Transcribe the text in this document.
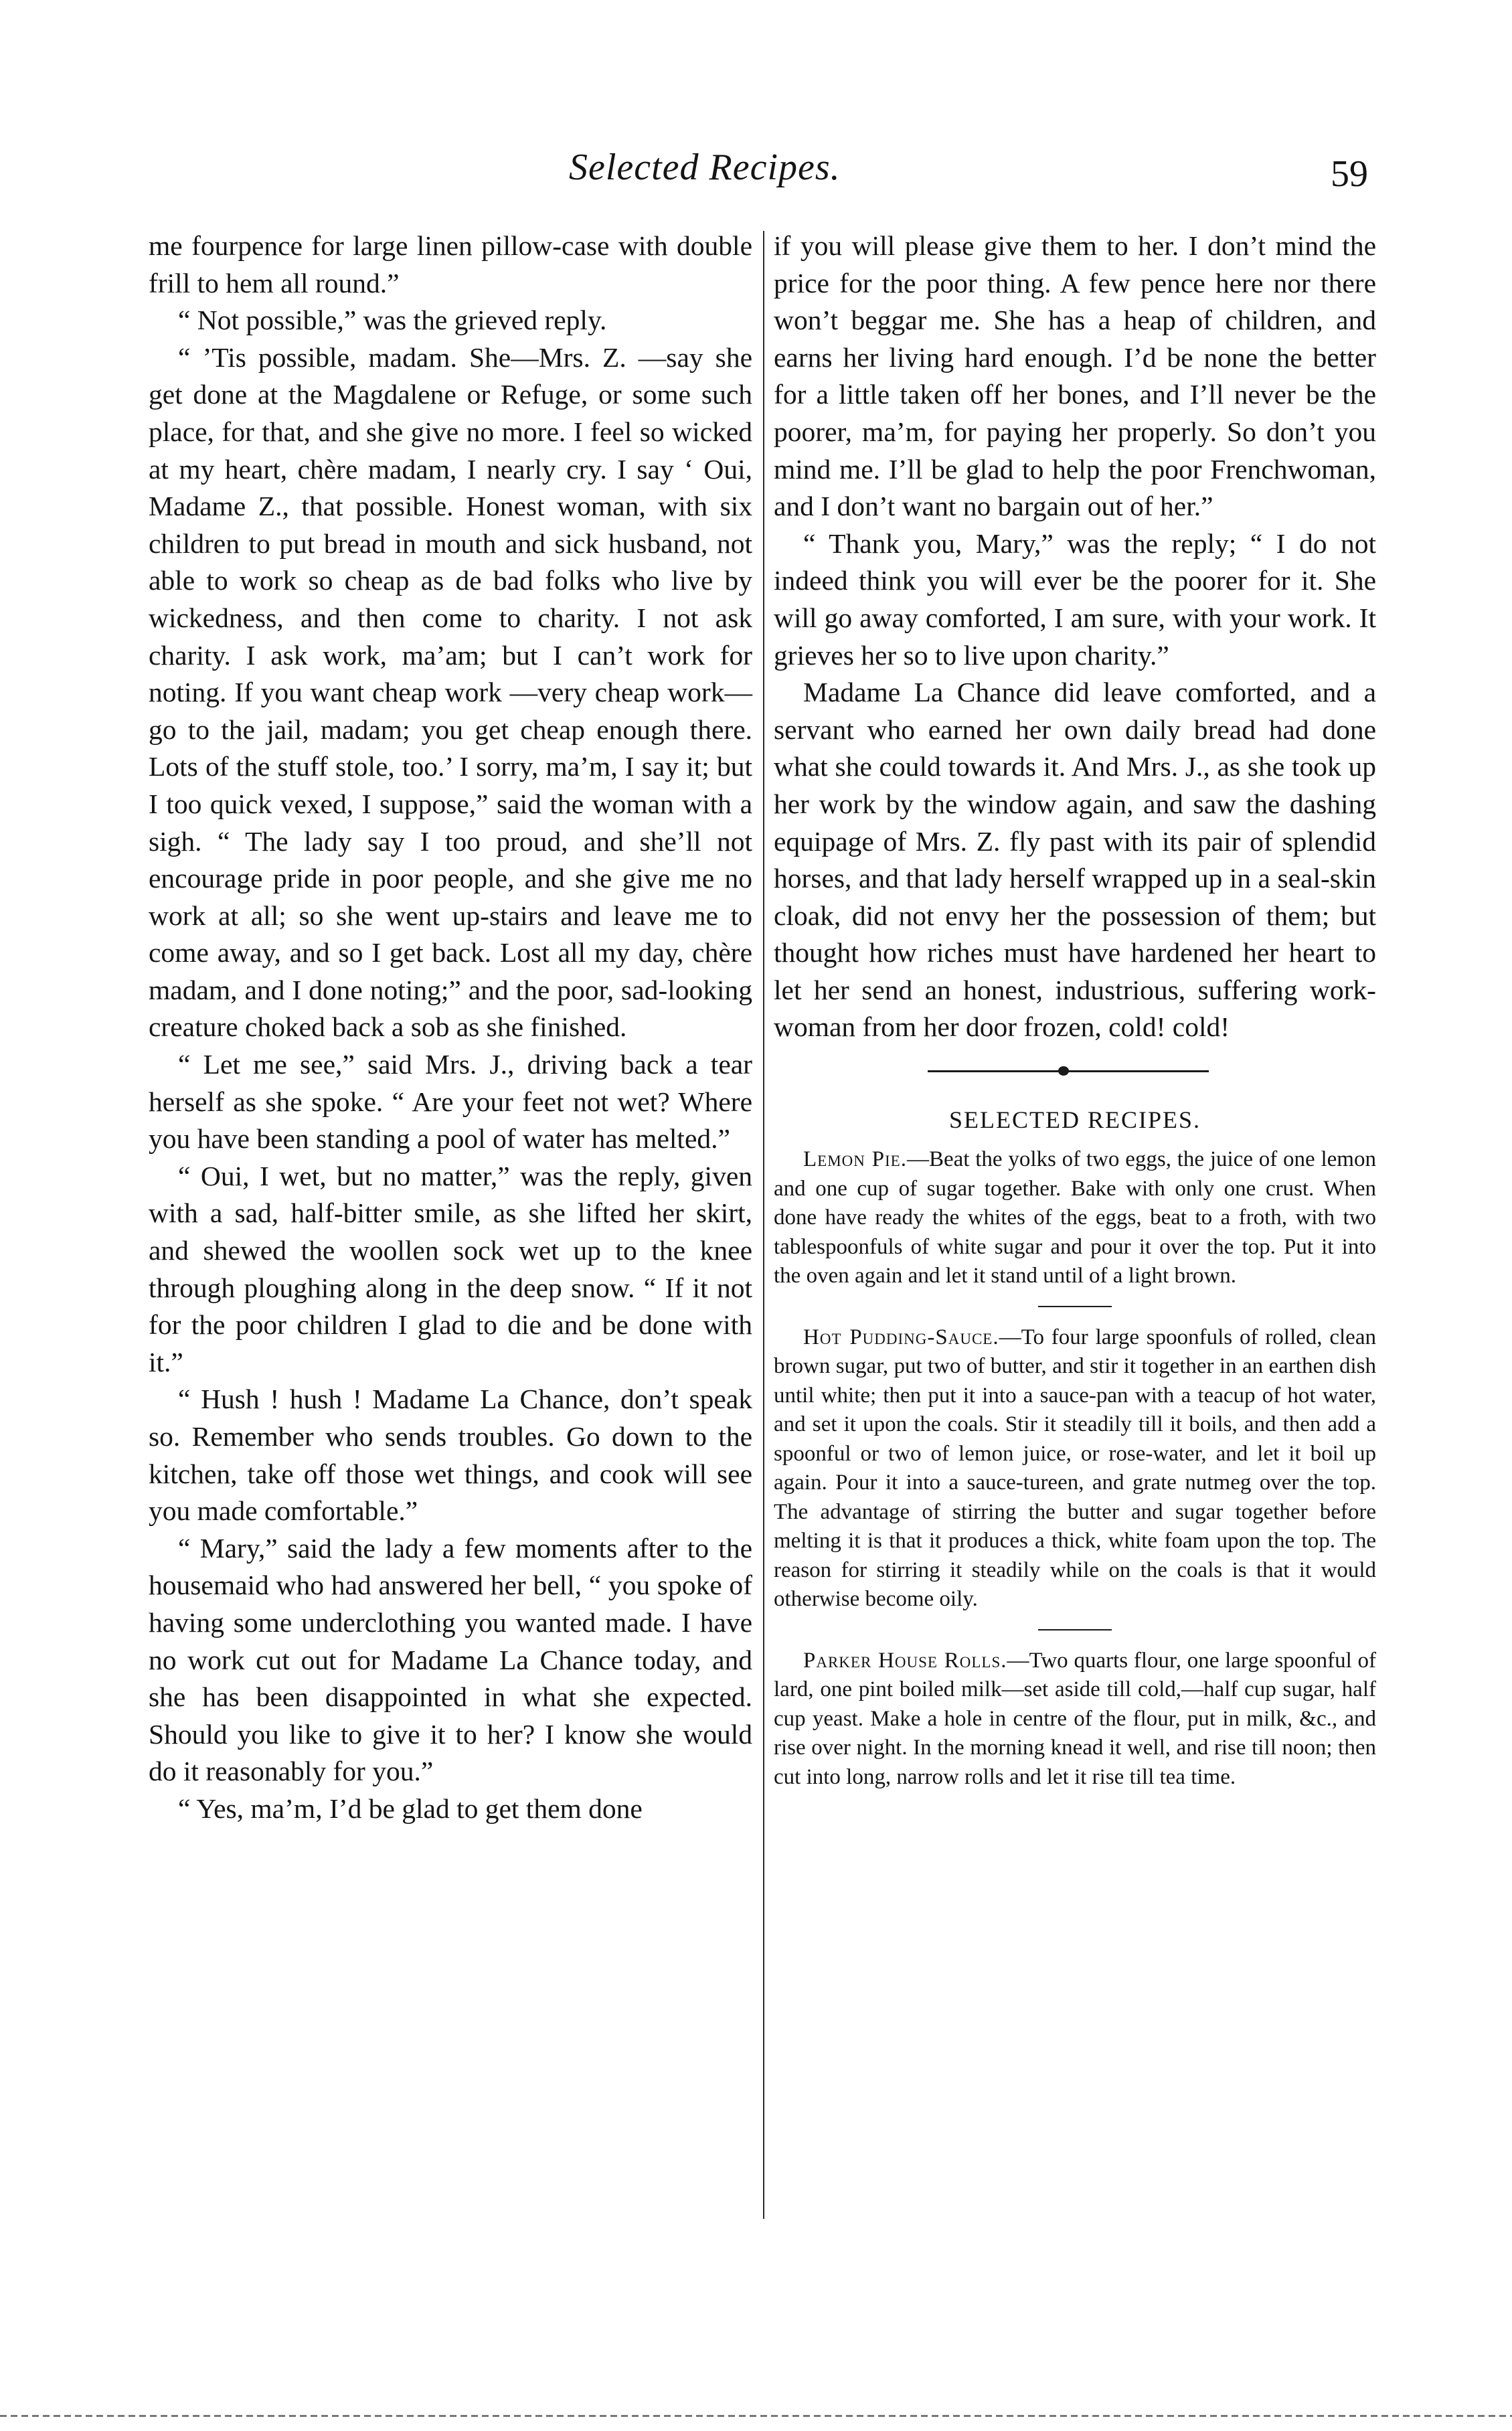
Selected Recipes.	59

me fourpence for large linen pillow-case with double frill to hem all round.”

“ Not possible,” was the grieved reply.

“ ’Tis possible, madam. She—Mrs. Z. —say she get done at the Magdalene or Refuge, or some such place, for that, and she give no more. I feel so wicked at my heart, chère madam, I nearly cry. I say ‘ Oui, Madame Z., that possible. Honest woman, with six children to put bread in mouth and sick husband, not able to work so cheap as de bad folks who live by wickedness, and then come to charity. I not ask charity. I ask work, ma’am; but I can’t work for noting. If you want cheap work —very cheap work—go to the jail, madam; you get cheap enough there. Lots of the stuff stole, too.’ I sorry, ma’m, I say it; but I too quick vexed, I suppose,” said the woman with a sigh. “ The lady say I too proud, and she’ll not encourage pride in poor people, and she give me no work at all; so she went up-stairs and leave me to come away, and so I get back. Lost all my day, chère madam, and I done noting;” and the poor, sad-looking creature choked back a sob as she finished.

“ Let me see,” said Mrs. J., driving back a tear herself as she spoke. “ Are your feet not wet? Where you have been standing a pool of water has melted.”

“ Oui, I wet, but no matter,” was the reply, given with a sad, half-bitter smile, as she lifted her skirt, and shewed the woollen sock wet up to the knee through ploughing along in the deep snow. “ If it not for the poor children I glad to die and be done with it.”

“ Hush ! hush ! Madame La Chance, don’t speak so. Remember who sends troubles. Go down to the kitchen, take off those wet things, and cook will see you made comfortable.”

“ Mary,” said the lady a few moments after to the housemaid who had answered her bell, “ you spoke of having some underclothing you wanted made. I have no work cut out for Madame La Chance today, and she has been disappointed in what she expected. Should you like to give it to her? I know she would do it reasonably for you.”

“ Yes, ma’m, I’d be glad to get them done

if you will please give them to her. I don’t mind the price for the poor thing. A few pence here nor there won’t beggar me. She has a heap of children, and earns her living hard enough. I’d be none the better for a little taken off her bones, and I’ll never be the poorer, ma’m, for paying her properly. So don’t you mind me. I’ll be glad to help the poor Frenchwoman, and I don’t want no bargain out of her.”

“ Thank you, Mary,” was the reply; “ I do not indeed think you will ever be the poorer for it. She will go away comforted, I am sure, with your work. It grieves her so to live upon charity.”

Madame La Chance did leave comforted, and a servant who earned her own daily bread had done what she could towards it. And Mrs. J., as she took up her work by the window again, and saw the dashing equipage of Mrs. Z. fly past with its pair of splendid horses, and that lady herself wrapped up in a seal-skin cloak, did not envy her the possession of them; but thought how riches must have hardened her heart to let her send an honest, industrious, suffering work-woman from her door frozen, cold! cold!

SELECTED RECIPES.

Lemon Pie.—Beat the yolks of two eggs, the juice of one lemon and one cup of sugar together. Bake with only one crust. When done have ready the whites of the eggs, beat to a froth, with two tablespoonfuls of white sugar and pour it over the top. Put it into the oven again and let it stand until of a light brown.

Hot Pudding-Sauce.—To four large spoonfuls of rolled, clean brown sugar, put two of butter, and stir it together in an earthen dish until white; then put it into a sauce-pan with a teacup of hot water, and set it upon the coals. Stir it steadily till it boils, and then add a spoonful or two of lemon juice, or rose-water, and let it boil up again. Pour it into a sauce-tureen, and grate nutmeg over the top. The advantage of stirring the butter and sugar together before melting it is that it produces a thick, white foam upon the top. The reason for stirring it steadily while on the coals is that it would otherwise become oily.

Parker House Rolls.—Two quarts flour, one large spoonful of lard, one pint boiled milk—set aside till cold,—half cup sugar, half cup yeast. Make a hole in centre of the flour, put in milk, &c., and rise over night. In the morning knead it well, and rise till noon; then cut into long, narrow rolls and let it rise till tea time.
